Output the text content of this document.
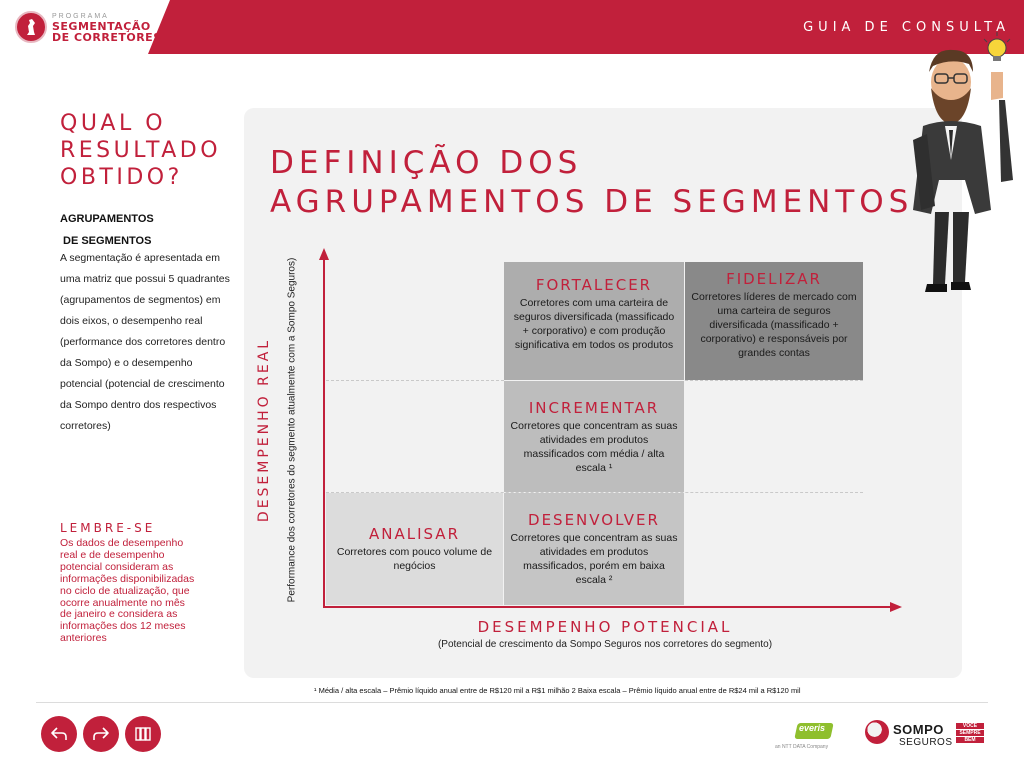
PROGRAMA
SEGMENTAÇÃO
DE CORRETORES
GUIA DE CONSULTA
QUAL O RESULTADO OBTIDO?
AGRUPAMENTOS
DE SEGMENTOS
A segmentação é apresentada em uma matriz que possui 5 quadrantes (agrupamentos de segmentos) em dois eixos, o desempenho real (performance dos corretores dentro da Sompo) e o desempenho potencial (potencial de crescimento da Sompo dentro dos respectivos corretores)
LEMBRE-SE
Os dados de desempenho real e de desempenho potencial consideram as informações disponibilizadas no ciclo de atualização, que ocorre anualmente no mês de janeiro e considera as informações dos 12 meses anteriores
DEFINIÇÃO DOS
AGRUPAMENTOS DE SEGMENTOS
DESEMPENHO REAL Performance dos corretores do segmento atualmente com a Sompo Seguros)
DESEMPENHO POTENCIAL
(Potencial de crescimento da Sompo Seguros nos corretores do segmento)
FORTALECER
Corretores com uma carteira de seguros diversificada (massificado + corporativo) e com produção significativa em todos os produtos
FIDELIZAR
Corretores líderes de mercado com uma carteira de seguros diversificada (massificado + corporativo) e responsáveis por grandes contas
INCREMENTAR
Corretores que concentram as suas atividades em produtos massificados com média / alta escala ¹
DESENVOLVER
Corretores que concentram as suas atividades em produtos massificados, porém em baixa escala ²
ANALISAR
Corretores com pouco volume de negócios
¹ Média / alta escala – Prêmio líquido anual entre de R$120 mil a R$1 milhão 2 Baixa escala – Prêmio líquido anual entre de R$24 mil a R$120 mil
everis
an NTT DATA Company
SOMPO
SEGUROS
VOCÊ
SEMPRE
BEM
